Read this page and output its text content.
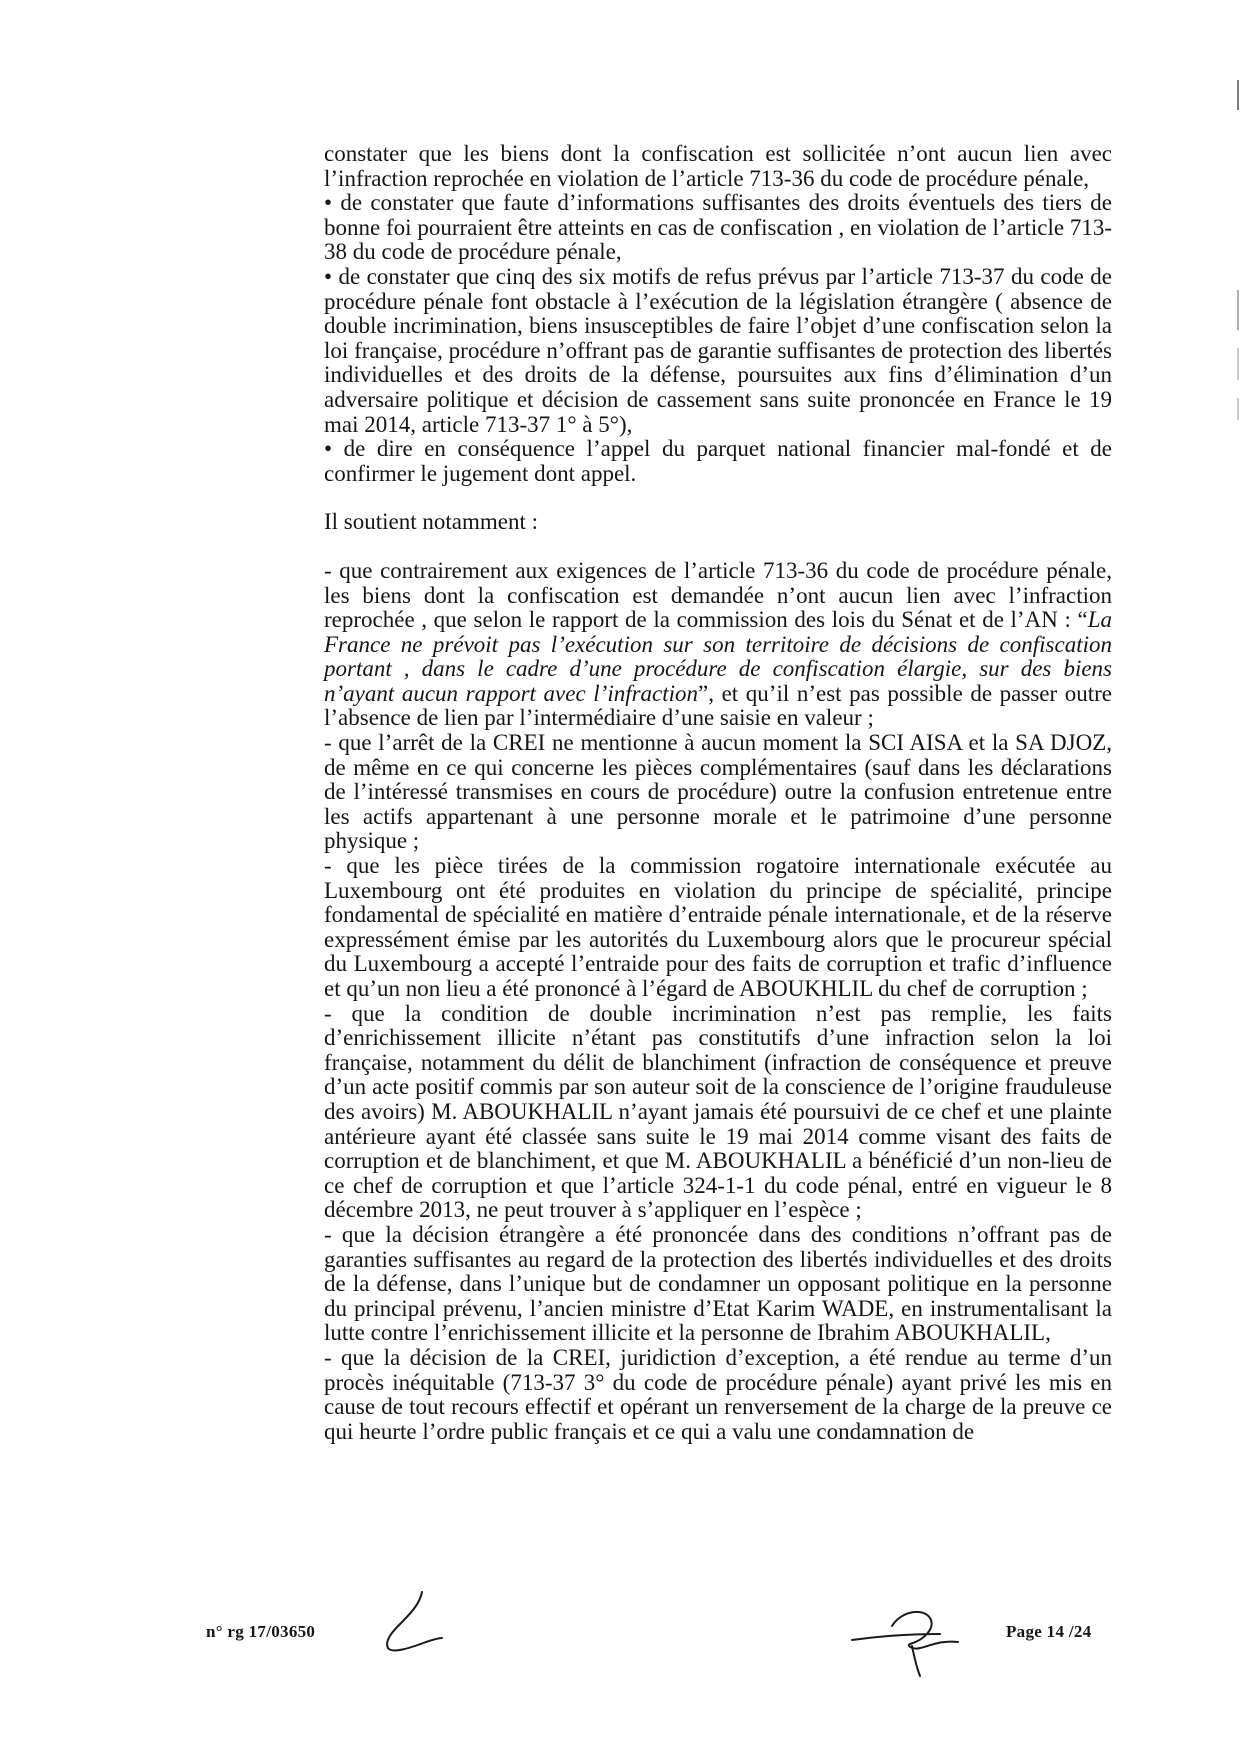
constater que les biens dont la confiscation est sollicitée n’ont aucun lien avec l’infraction reprochée en violation de l’article 713-36 du code de procédure pénale,

• de constater que faute d’informations suffisantes des droits éventuels des tiers de bonne foi pourraient être atteints en cas de confiscation , en violation de l’article 713-38 du code de procédure pénale,

• de constater que cinq des six motifs de refus prévus par l’article 713-37 du code de procédure pénale font obstacle à l’exécution de la législation étrangère ( absence de double incrimination, biens insusceptibles de faire l’objet d’une confiscation selon la loi française, procédure n’offrant pas de garantie suffisantes de protection des libertés individuelles et des droits de la défense, poursuites aux fins d’élimination d’un adversaire politique et décision de cassement sans suite prononcée en France le 19 mai 2014, article 713-37 1° à 5°),

• de dire en conséquence l’appel du parquet national financier mal-fondé et de confirmer le jugement dont appel.

Il soutient notamment :

- que contrairement aux exigences de l’article 713-36 du code de procédure pénale, les biens dont la confiscation est demandée n’ont aucun lien avec l’infraction reprochée , que selon le rapport de la commission des lois du Sénat et de l’AN : “La France ne prévoit pas l’exécution sur son territoire de décisions de confiscation portant , dans le cadre d’une procédure de confiscation élargie, sur des biens n’ayant aucun rapport avec l’infraction”, et qu’il n’est pas possible de passer outre l’absence de lien par l’intermédiaire d’une saisie en valeur ;

- que l’arrêt de la CREI ne mentionne à aucun moment la SCI AISA et la SA DJOZ, de même en ce qui concerne les pièces complémentaires (sauf dans les déclarations de l’intéressé transmises en cours de procédure) outre la confusion entretenue entre les actifs appartenant à une personne morale et le patrimoine d’une personne physique ;

- que les pièce tirées de la commission rogatoire internationale exécutée au Luxembourg ont été produites en violation du principe de spécialité, principe fondamental de spécialité en matière d’entraide pénale internationale, et de la réserve expressément émise par les autorités du Luxembourg alors que le procureur spécial du Luxembourg a accepté l’entraide pour des faits de corruption et trafic d’influence et qu’un non lieu a été prononcé à l’égard de ABOUKHLIL du chef de corruption ;

- que la condition de double incrimination n’est pas remplie, les faits d’enrichissement illicite n’étant pas constitutifs d’une infraction selon la loi française, notamment du délit de blanchiment (infraction de conséquence et preuve d’un acte positif commis par son auteur soit de la conscience de l’origine frauduleuse des avoirs) M. ABOUKHALIL n’ayant jamais été poursuivi de ce chef et une plainte antérieure ayant été classée sans suite le 19 mai 2014 comme visant des faits de corruption et de blanchiment, et que M. ABOUKHALIL a bénéficié d’un non-lieu de ce chef de corruption et que l’article 324-1-1 du code pénal, entré en vigueur le 8 décembre 2013, ne peut trouver à s’appliquer en l’espèce ;

- que la décision étrangère a été prononcée dans des conditions n’offrant pas de garanties suffisantes au regard de la protection des libertés individuelles et des droits de la défense, dans l’unique but de condamner un opposant politique en la personne du principal prévenu, l’ancien ministre d’Etat Karim WADE, en instrumentalisant la lutte contre l’enrichissement illicite et la personne de Ibrahim ABOUKHALIL,

- que la décision de la CREI, juridiction d’exception, a été rendue au terme d’un procès inéquitable (713-37 3° du code de procédure pénale) ayant privé les mis en cause de tout recours effectif et opérant un renversement de la charge de la preuve ce qui heurte l’ordre public français et ce qui a valu une condamnation de

n° rg 17/03650	Page 14 /24
